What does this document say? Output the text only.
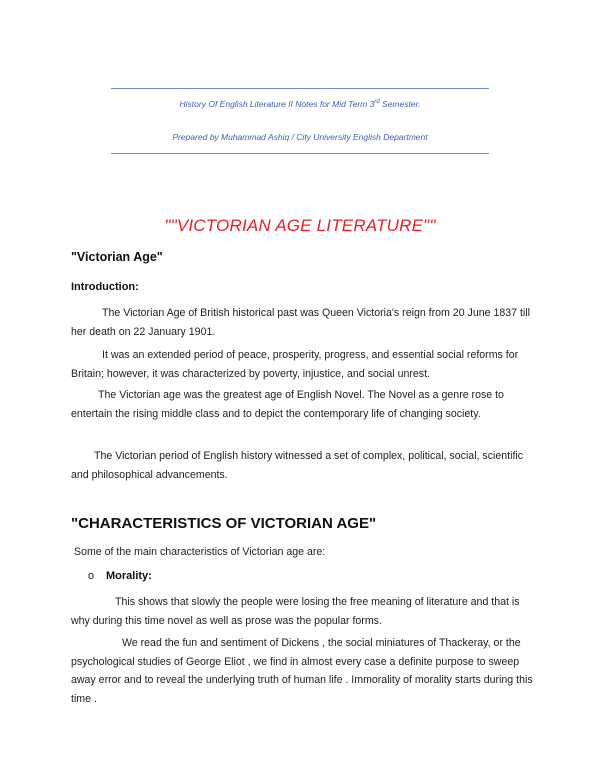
History Of English Literature II Notes for Mid Term 3rd Semester.
Prepared by Muhammad Ashiq / City University English Department
""VICTORIAN AGE LITERATURE""
"Victorian Age"
Introduction:
The Victorian Age of British historical past was Queen Victoria's reign from 20 June 1837 till her death on 22 January 1901.
It was an extended period of peace, prosperity, progress, and essential social reforms for Britain; however, it was characterized by poverty, injustice, and social unrest.
The Victorian age was the greatest age of English Novel. The Novel as a genre rose to entertain the rising middle class and to depict the contemporary life of changing society.
The Victorian period of English history witnessed a set of complex, political, social, scientific and philosophical advancements.
"CHARACTERISTICS OF VICTORIAN AGE"
Some of the main characteristics of Victorian age are:
o Morality:
This shows that slowly the people were losing the free meaning of literature and that is why during this time novel as well as prose was the popular forms.
We read the fun and sentiment of Dickens , the social miniatures of Thackeray, or the psychological studies of George Eliot , we find in almost every case a definite purpose to sweep away error and to reveal the underlying truth of human life . Immorality of morality starts during this time .
